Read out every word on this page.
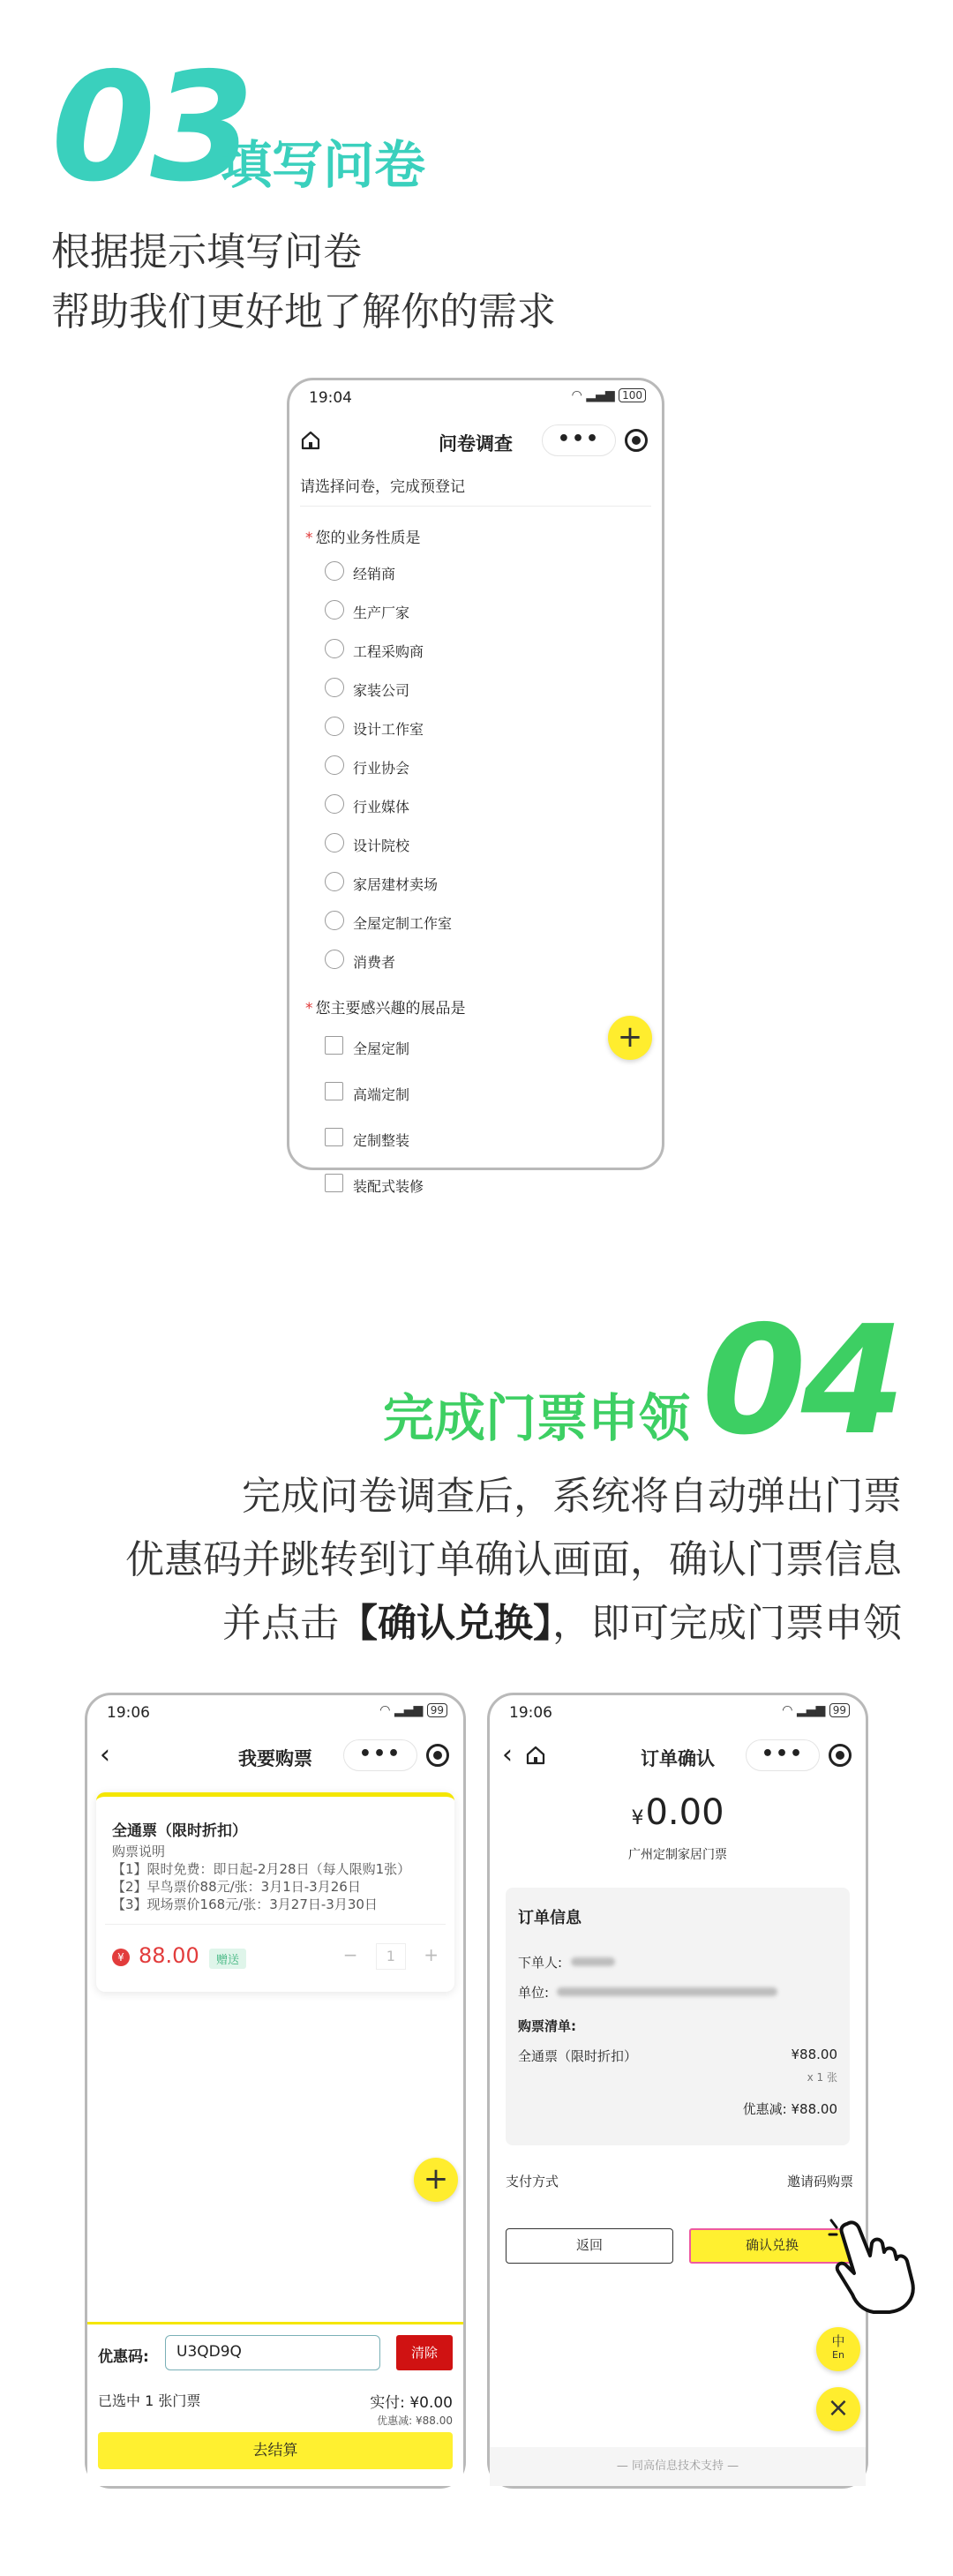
03
填写问卷
根据提示填写问卷
帮助我们更好地了解你的需求
19:04	◠ ▂▄▆ 100
问卷调查	•••
请选择问卷，完成预登记
* 您的业务性质是
经销商
生产厂家
工程采购商
家装公司
设计工作室
行业协会
行业媒体
设计院校
家居建材卖场
全屋定制工作室
消费者
* 您主要感兴趣的展品是
全屋定制
高端定制
定制整装
装配式装修
+
04
完成门票申领
完成问卷调查后，系统将自动弹出门票
优惠码并跳转到订单确认画面，确认门票信息
并点击【确认兑换】，即可完成门票申领
19:06	◠ ▂▄▆ 99
‹	我要购票	•••
全通票（限时折扣）
购票说明
【1】限时免费：即日起-2月28日（每人限购1张）
【2】早鸟票价88元/张：3月1日-3月26日
【3】现场票价168元/张：3月27日-3月30日
¥ 88.00	赠送	− 1 +
+
优惠码:	U3QD9Q	清除
已选中 1 张门票	实付: ¥0.00
优惠减: ¥88.00
去结算
19:06	◠ ▂▄▆ 99
‹	订单确认	•••
¥0.00
广州定制家居门票
订单信息
下单人:
单位:
购票清单:
全通票（限时折扣）	¥88.00
x 1 张
优惠减: ¥88.00
支付方式	邀请码购票
返回	确认兑换
中
En
×
— 同高信息技术支持 —
